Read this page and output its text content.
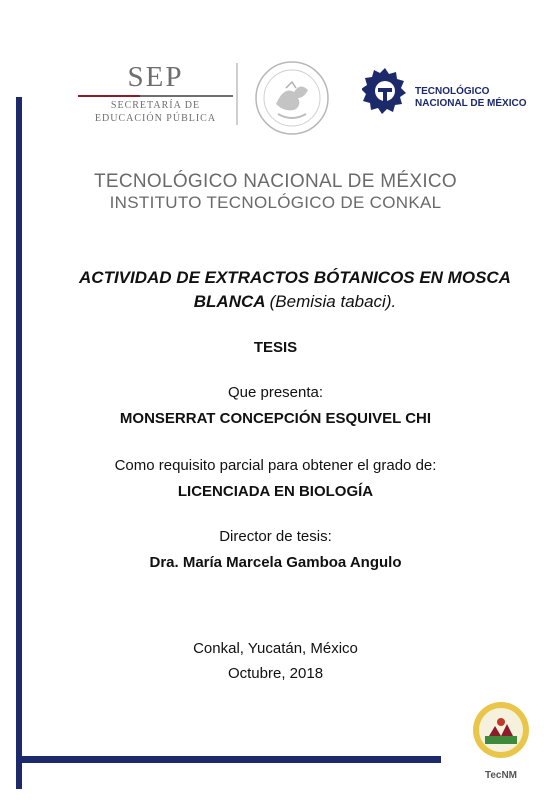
SEP
SECRETARÍA DE
EDUCACIÓN PÚBLICA
TECNOLÓGICO
NACIONAL DE MÉXICO
TECNOLÓGICO NACIONAL DE MÉXICO
INSTITUTO TECNOLÓGICO DE CONKAL
ACTIVIDAD DE EXTRACTOS BÓTANICOS EN MOSCA BLANCA (Bemisia tabaci).
TESIS
Que presenta:
MONSERRAT CONCEPCIÓN ESQUIVEL CHI
Como requisito parcial para obtener el grado de:
LICENCIADA EN BIOLOGÍA
Director de tesis:
Dra. María Marcela Gamboa Angulo
Conkal, Yucatán, México
Octubre, 2018
TecNM
